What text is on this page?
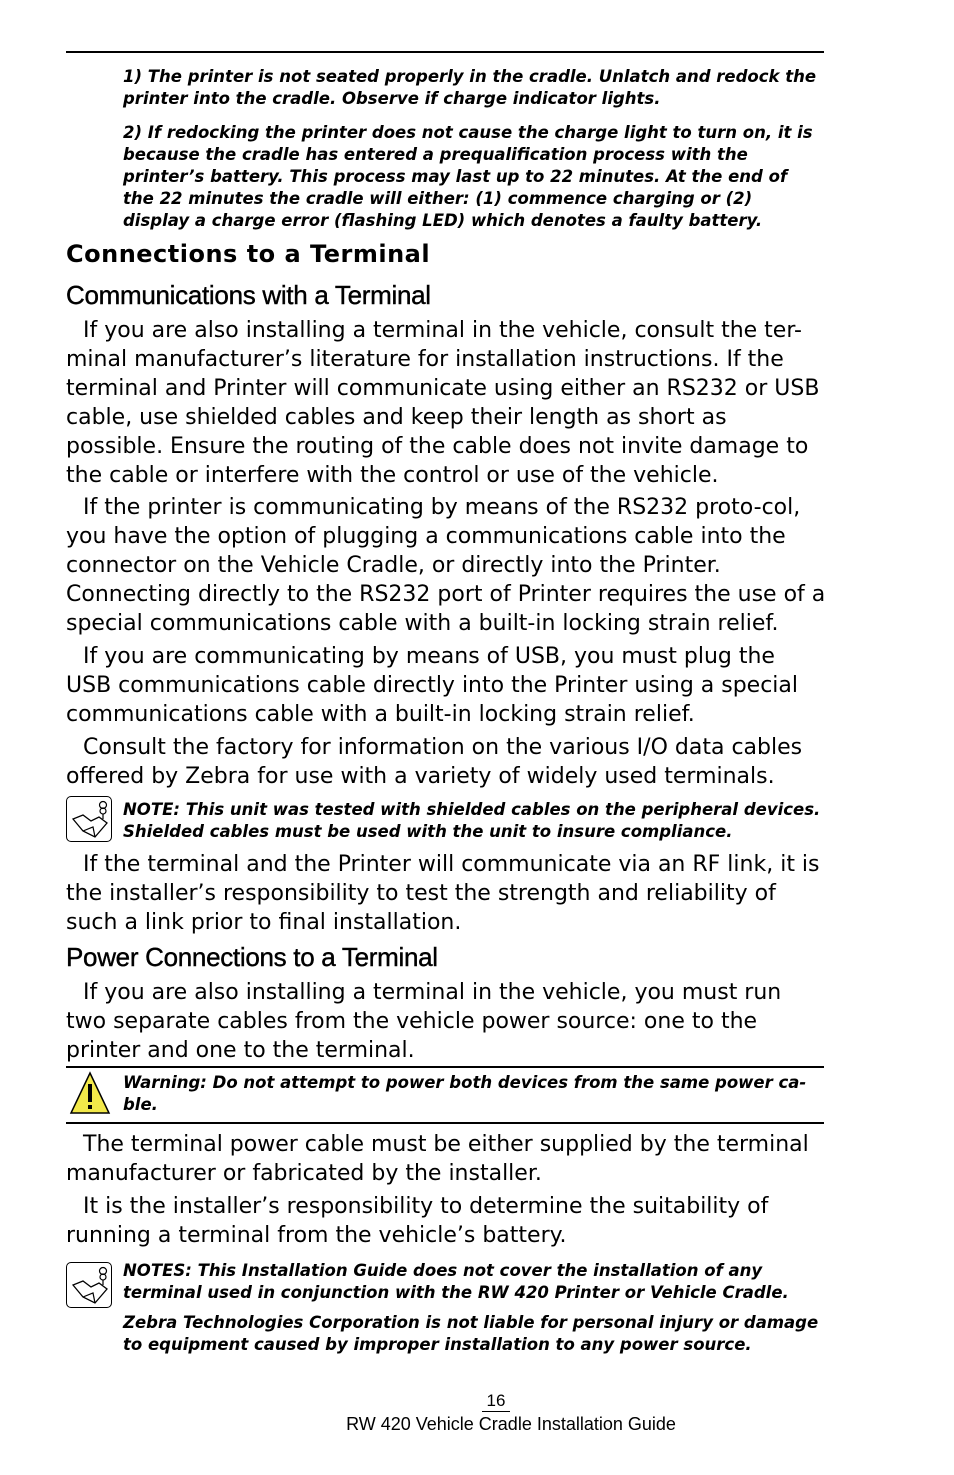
1) The printer is not seated properly in the cradle. Unlatch and redock the printer into the cradle. Observe if charge indicator lights.
2) If redocking the printer does not cause the charge light to turn on, it is because the cradle has entered a prequalification process with the printer’s battery. This process may last up to 22 minutes. At the end of the 22 minutes the cradle will either: (1) commence charging or (2) display a charge error (flashing LED) which denotes a faulty battery.
Connections to a Terminal
Communications with a Terminal

If you are also installing a terminal in the vehicle, consult the ter-minal manufacturer’s literature for installation instructions. If the terminal and Printer will communicate using either an RS232 or USB cable, use shielded cables and keep their length as short as possible. Ensure the routing of the cable does not invite damage to the cable or interfere with the control or use of the vehicle.

If the printer is communicating by means of the RS232 proto-col, you have the option of plugging a communications cable into the connector on the Vehicle Cradle, or directly into the Printer. Connecting directly to the RS232 port of Printer requires the use of a special communications cable with a built-in locking strain relief.

If you are communicating by means of USB, you must plug the USB communications cable directly into the Printer using a special communications cable with a built-in locking strain relief.

Consult the factory for information on the various I/O data cables offered by Zebra for use with a variety of widely used terminals.

NOTE: This unit was tested with shielded cables on the peripheral devices. Shielded cables must be used with the unit to insure compliance.

If the terminal and the Printer will communicate via an RF link, it is the installer’s responsibility to test the strength and reliability of such a link prior to final installation.

Power Connections to a Terminal

If you are also installing a terminal in the vehicle, you must run two separate cables from the vehicle power source: one to the printer and one to the terminal.

Warning: Do not attempt to power both devices from the same power ca-ble.

The terminal power cable must be either supplied by the terminal manufacturer or fabricated by the installer.

It is the installer’s responsibility to determine the suitability of running a terminal from the vehicle’s battery.

NOTES: This Installation Guide does not cover the installation of any terminal used in conjunction with the RW 420 Printer or Vehicle Cradle.
Zebra Technologies Corporation is not liable for personal injury or damage to equipment caused by improper installation to any power source.
16
RW 420 Vehicle Cradle Installation Guide
